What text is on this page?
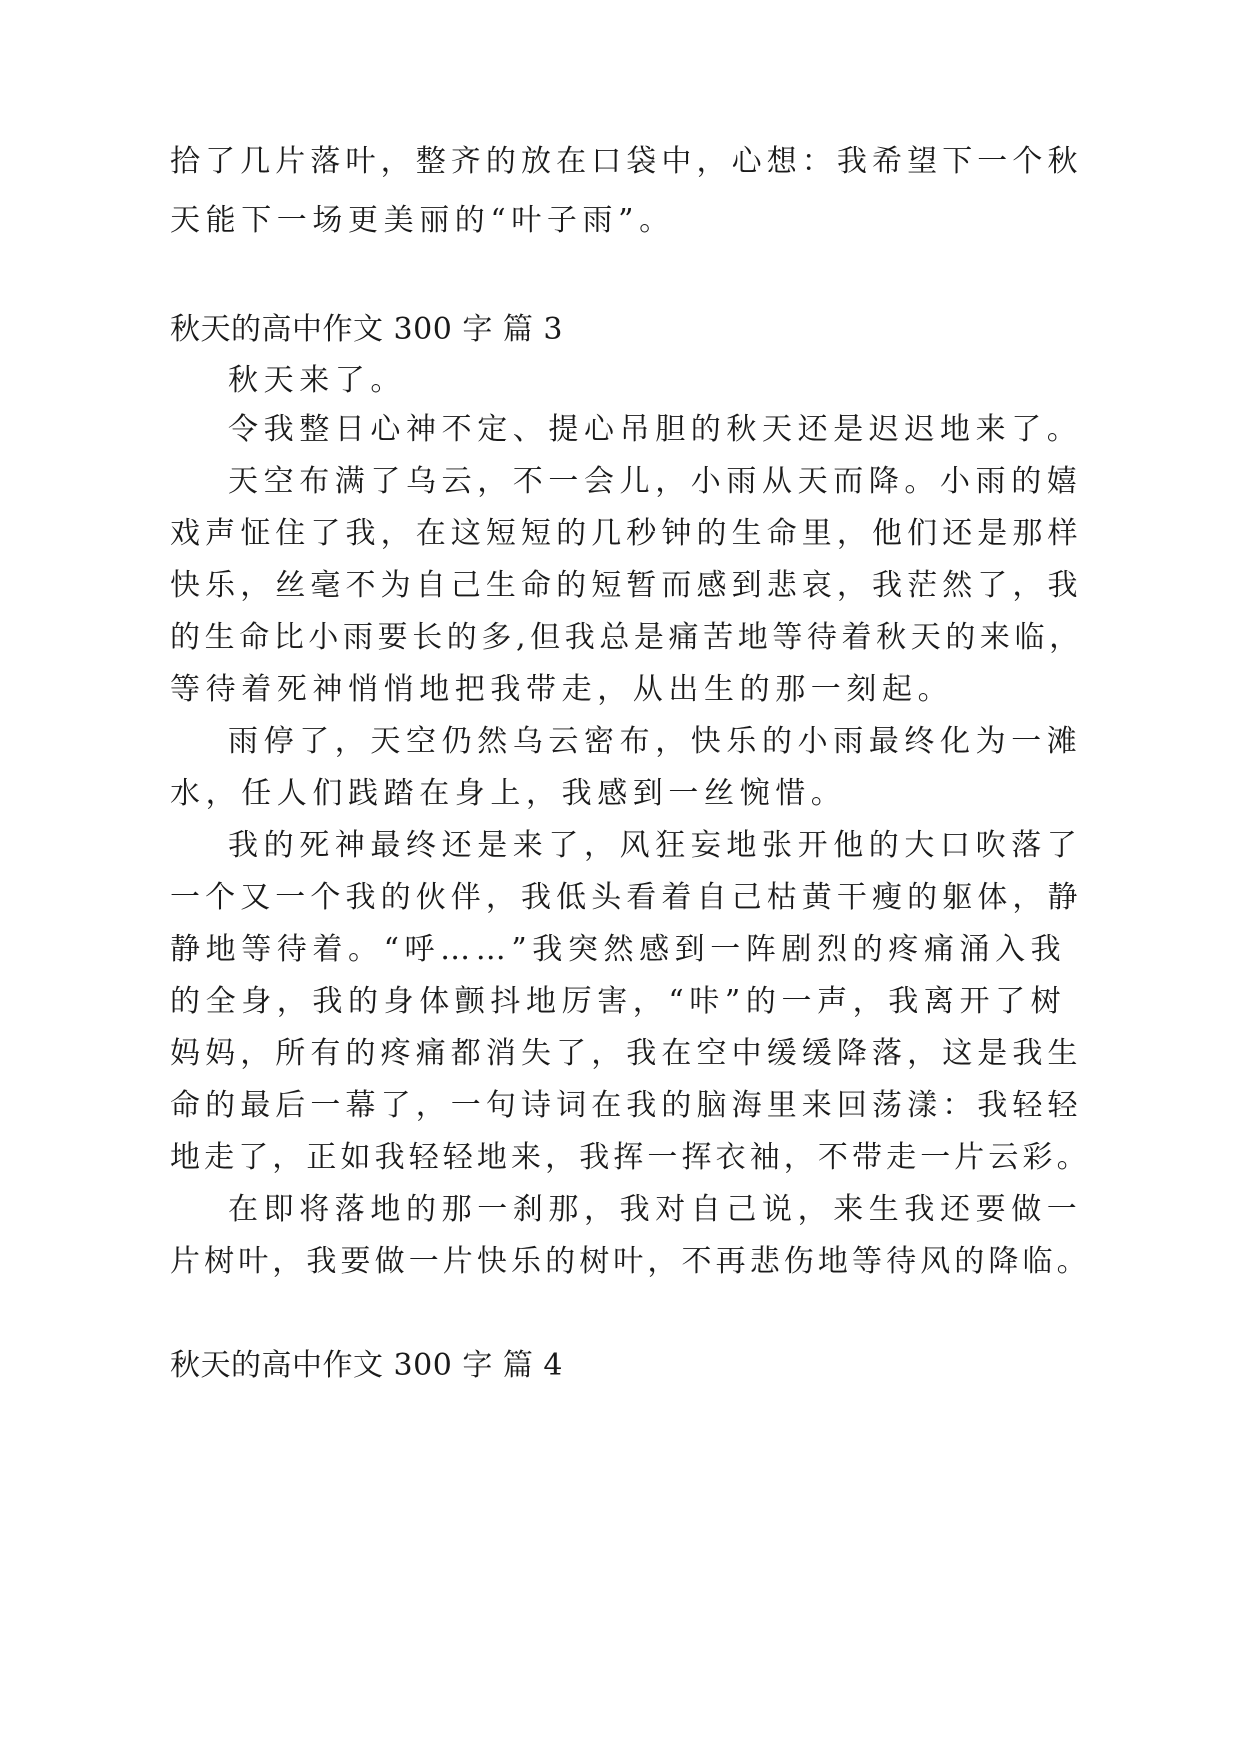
拾了几片落叶，整齐的放在口袋中，心想：我希望下一个秋
天能下一场更美丽的“叶子雨”。
秋天的高中作文 300 字 篇 3
秋天来了。
令我整日心神不定、提心吊胆的秋天还是迟迟地来了。
天空布满了乌云，不一会儿，小雨从天而降。小雨的嬉
戏声怔住了我，在这短短的几秒钟的生命里，他们还是那样
快乐，丝毫不为自己生命的短暂而感到悲哀，我茫然了，我
的生命比小雨要长的多,但我总是痛苦地等待着秋天的来临，
等待着死神悄悄地把我带走，从出生的那一刻起。
雨停了，天空仍然乌云密布，快乐的小雨最终化为一滩
水，任人们践踏在身上，我感到一丝惋惜。
我的死神最终还是来了，风狂妄地张开他的大口吹落了
一个又一个我的伙伴，我低头看着自己枯黄干瘦的躯体，静
静地等待着。“呼……”我突然感到一阵剧烈的疼痛涌入我
的全身，我的身体颤抖地厉害，“咔”的一声，我离开了树
妈妈，所有的疼痛都消失了，我在空中缓缓降落，这是我生
命的最后一幕了，一句诗词在我的脑海里来回荡漾：我轻轻
地走了，正如我轻轻地来，我挥一挥衣袖，不带走一片云彩。
在即将落地的那一刹那，我对自己说，来生我还要做一
片树叶，我要做一片快乐的树叶，不再悲伤地等待风的降临。
秋天的高中作文 300 字 篇 4
